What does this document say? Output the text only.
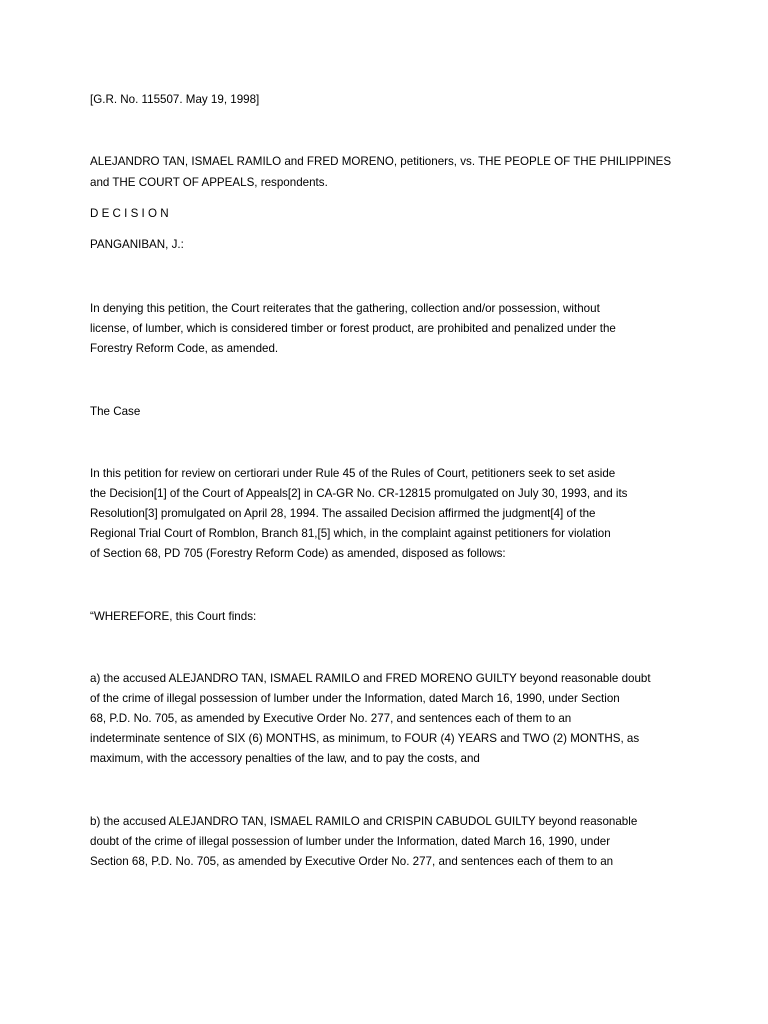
[G.R. No. 115507. May 19, 1998]
ALEJANDRO TAN, ISMAEL RAMILO and FRED MORENO, petitioners, vs. THE PEOPLE OF THE PHILIPPINES
and THE COURT OF APPEALS, respondents.
D E C I S I O N
PANGANIBAN, J.:
In denying this petition, the Court reiterates that the gathering, collection and/or possession, without
license, of lumber, which is considered timber or forest product, are prohibited and penalized under the
Forestry Reform Code, as amended.
The Case
In this petition for review on certiorari under Rule 45 of the Rules of Court, petitioners seek to set aside
the Decision[1] of the Court of Appeals[2] in CA-GR No. CR-12815 promulgated on July 30, 1993, and its
Resolution[3] promulgated on April 28, 1994. The assailed Decision affirmed the judgment[4] of the
Regional Trial Court of Romblon, Branch 81,[5] which, in the complaint against petitioners for violation
of Section 68, PD 705 (Forestry Reform Code) as amended, disposed as follows:
“WHEREFORE, this Court finds:
a) the accused ALEJANDRO TAN, ISMAEL RAMILO and FRED MORENO GUILTY beyond reasonable doubt
of the crime of illegal possession of lumber under the Information, dated March 16, 1990, under Section
68, P.D. No. 705, as amended by Executive Order No. 277, and sentences each of them to an
indeterminate sentence of SIX (6) MONTHS, as minimum, to FOUR (4) YEARS and TWO (2) MONTHS, as
maximum, with the accessory penalties of the law, and to pay the costs, and
b) the accused ALEJANDRO TAN, ISMAEL RAMILO and CRISPIN CABUDOL GUILTY beyond reasonable
doubt of the crime of illegal possession of lumber under the Information, dated March 16, 1990, under
Section 68, P.D. No. 705, as amended by Executive Order No. 277, and sentences each of them to an
